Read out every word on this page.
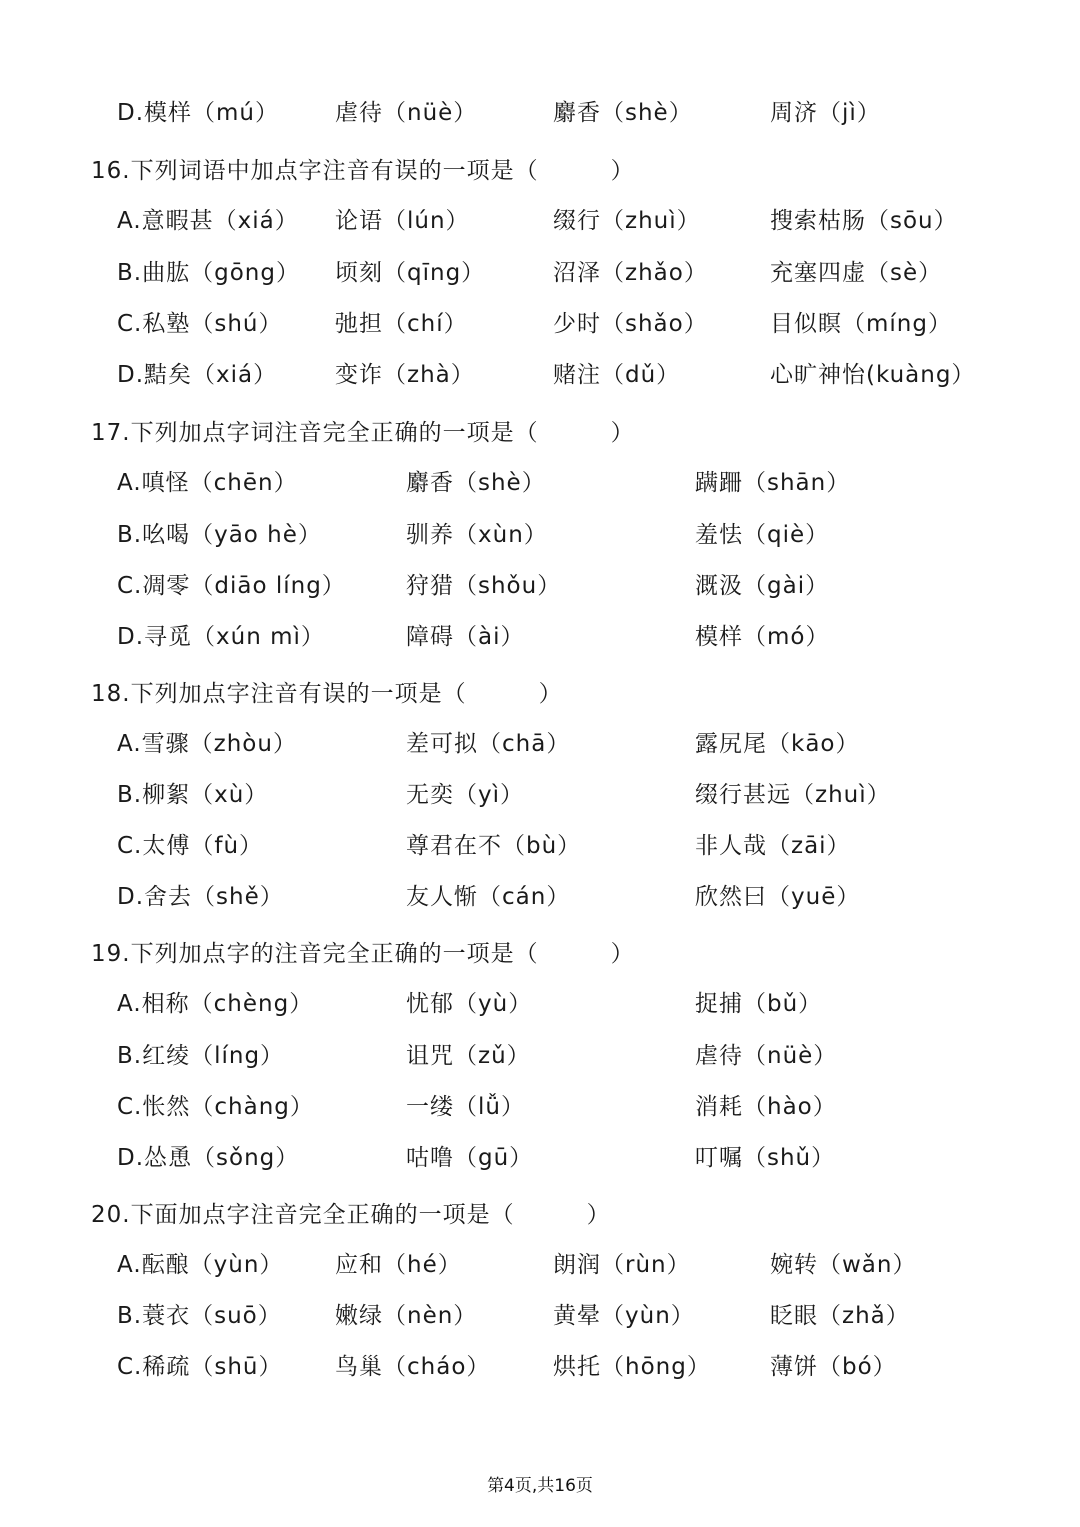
D.模样（mú） 虐待（nüè）	麝香（shè）	周济（jì）
16.下列词语中加点字注音有误的一项是（　　　）
A.意暇甚（xiá） 论语（lún）	缀行（zhuì）	搜索枯肠（sōu）
B.曲肱（gōng） 顷刻（qīng）	沼泽（zhǎo）	充塞四虚（sè）
C.私塾（shú） 弛担（chí）	少时（shǎo）	目似瞑（míng）
D.黠矣（xiá）	变诈（zhà）	赌注（dǔ）	心旷神怡(kuàng）
17.下列加点字词注音完全正确的一项是（　　　）
A.嗔怪（chēn）	麝香（shè）	蹒跚（shān）
B.吆喝（yāo hè）	驯养（xùn）	羞怯（qiè）
C.凋零（diāo líng）	狩猎（shǒu）	溉汲（gài）
D.寻觅（xún mì）	障碍（ài）	模样（mó）
18.下列加点字注音有误的一项是（　　　）
A.雪骤（zhòu）	差可拟（chā）	露尻尾（kāo）
B.柳絮（xù）	无奕（yì）	缀行甚远（zhuì）
C.太傅（fù）	尊君在不（bù）	非人哉（zāi）
D.舍去（shě）	友人惭（cán）	欣然曰（yuē）
19.下列加点字的注音完全正确的一项是（　　　）
A.相称（chèng）	忧郁（yù）	捉捕（bǔ）
B.红绫（líng）	诅咒（zǔ）	虐待（nüè）
C.怅然（chàng）	一缕（lǚ）	消耗（hào）
D.怂恿（sǒng）	咕噜（gū）	叮嘱（shǔ）
20.下面加点字注音完全正确的一项是（　　　）
A.酝酿（yùn） 应和（hé）	朗润（rùn）	婉转（wǎn）
B.蓑衣（suō） 嫩绿（nèn）	黄晕（yùn）	眨眼（zhǎ）
C.稀疏（shū） 鸟巢（cháo）	烘托（hōng）	薄饼（bó）
第4页,共16页
